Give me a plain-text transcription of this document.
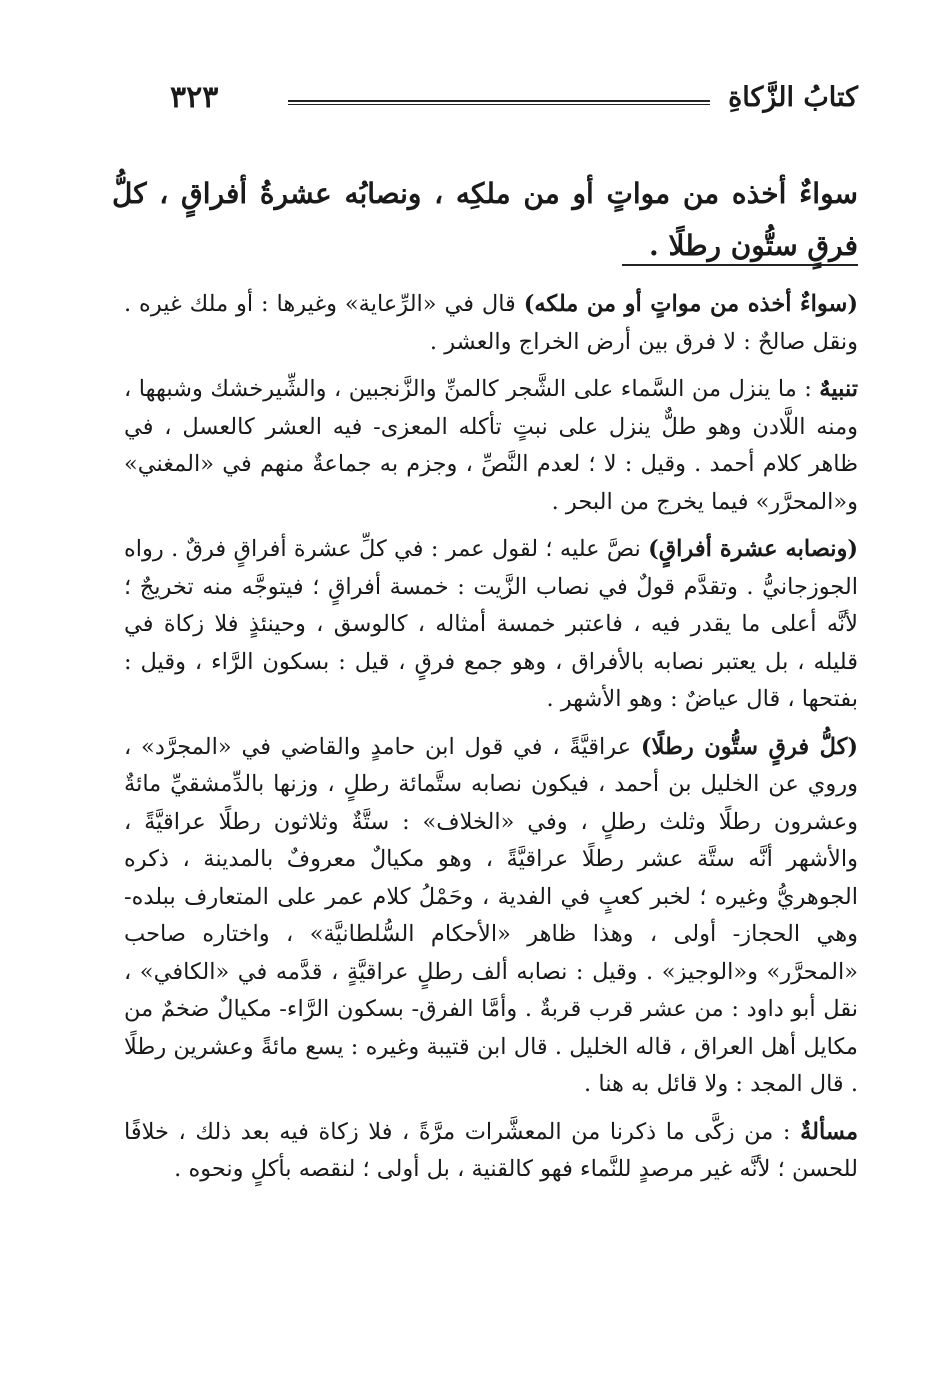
كتابُ الزَّكاةِ
٣٢٣
سواءٌ أخذه من مواتٍ أو من ملكِه ، ونصابُه عشرةُ أفراقٍ ، كلُّ فرقٍ ستُّون رطلًا .

(سواءٌ أخذه من مواتٍ أو من ملكه) قال في «الرِّعاية» وغيرها : أو ملك غيره . ونقل صالحٌ : لا فرق بين أرض الخراج والعشر .

تنبيهٌ : ما ينزل من السَّماء على الشَّجر كالمنِّ والزَّنجبين ، والشِّيرخشك وشبهها ، ومنه اللَّادن وهو طلٌّ ينزل على نبتٍ تأكله المعزى- فيه العشر كالعسل ، في ظاهر كلام أحمد . وقيل : لا ؛ لعدم النَّصِّ ، وجزم به جماعةٌ منهم في «المغني» و«المحرَّر» فيما يخرج من البحر .

(ونصابه عشرة أفراقٍ) نصَّ عليه ؛ لقول عمر : في كلِّ عشرة أفراقٍ فرقٌ . رواه الجوزجانيُّ . وتقدَّم قولٌ في نصاب الزَّيت : خمسة أفراقٍ ؛ فيتوجَّه منه تخريجٌ ؛ لأنَّه أعلى ما يقدر فيه ، فاعتبر خمسة أمثاله ، كالوسق ، وحينئذٍ فلا زكاة في قليله ، بل يعتبر نصابه بالأفراق ، وهو جمع فرقٍ ، قيل : بسكون الرَّاء ، وقيل : بفتحها ، قال عياضٌ : وهو الأشهر .

(كلُّ فرقٍ ستُّون رطلًا) عراقيَّةً ، في قول ابن حامدٍ والقاضي في «المجرَّد» ، وروي عن الخليل بن أحمد ، فيكون نصابه ستَّمائة رطلٍ ، وزنها بالدِّمشقيِّ مائةٌ وعشرون رطلًا وثلث رطلٍ ، وفي «الخلاف» : ستَّةٌ وثلاثون رطلًا عراقيَّةً ، والأشهر أنَّه ستَّة عشر رطلًا عراقيَّةً ، وهو مكيالٌ معروفٌ بالمدينة ، ذكره الجوهريُّ وغيره ؛ لخبر كعبٍ في الفدية ، وحَمْلُ كلام عمر على المتعارف ببلده- وهي الحجاز- أولى ، وهذا ظاهر «الأحكام السُّلطانيَّة» ، واختاره صاحب «المحرَّر» و«الوجيز» . وقيل : نصابه ألف رطلٍ عراقيَّةٍ ، قدَّمه في «الكافي» ، نقل أبو داود : من عشر قرب قربةٌ . وأمَّا الفرق- بسكون الرَّاء- مكيالٌ ضخمٌ من مكايل أهل العراق ، قاله الخليل . قال ابن قتيبة وغيره : يسع مائةً وعشرين رطلًا . قال المجد : ولا قائل به هنا .

مسألةٌ : من زكَّى ما ذكرنا من المعشَّرات مرَّةً ، فلا زكاة فيه بعد ذلك ، خلافًا للحسن ؛ لأنَّه غير مرصدٍ للنَّماء فهو كالقنية ، بل أولى ؛ لنقصه بأكلٍ ونحوه .
